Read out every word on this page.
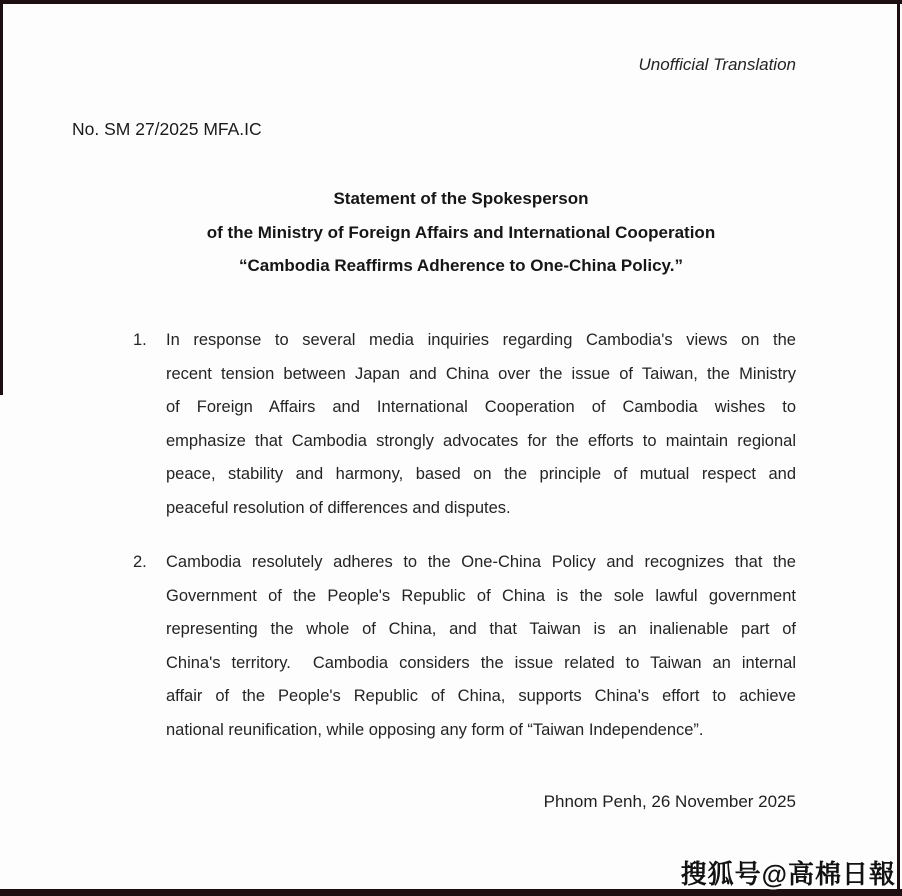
Unofficial Translation
No. SM 27/2025 MFA.IC
Statement of the Spokesperson
of the Ministry of Foreign Affairs and International Cooperation
“Cambodia Reaffirms Adherence to One-China Policy.”
1. In response to several media inquiries regarding Cambodia's views on the
recent tension between Japan and China over the issue of Taiwan, the Ministry
of Foreign Affairs and International Cooperation of Cambodia wishes to
emphasize that Cambodia strongly advocates for the efforts to maintain regional
peace, stability and harmony, based on the principle of mutual respect and
peaceful resolution of differences and disputes.
2. Cambodia resolutely adheres to the One-China Policy and recognizes that the
Government of the People's Republic of China is the sole lawful government
representing the whole of China, and that Taiwan is an inalienable part of
China's territory.  Cambodia considers the issue related to Taiwan an internal
affair of the People's Republic of China, supports China's effort to achieve
national reunification, while opposing any form of “Taiwan Independence”.
Phnom Penh, 26 November 2025
搜狐号@高棉日報
